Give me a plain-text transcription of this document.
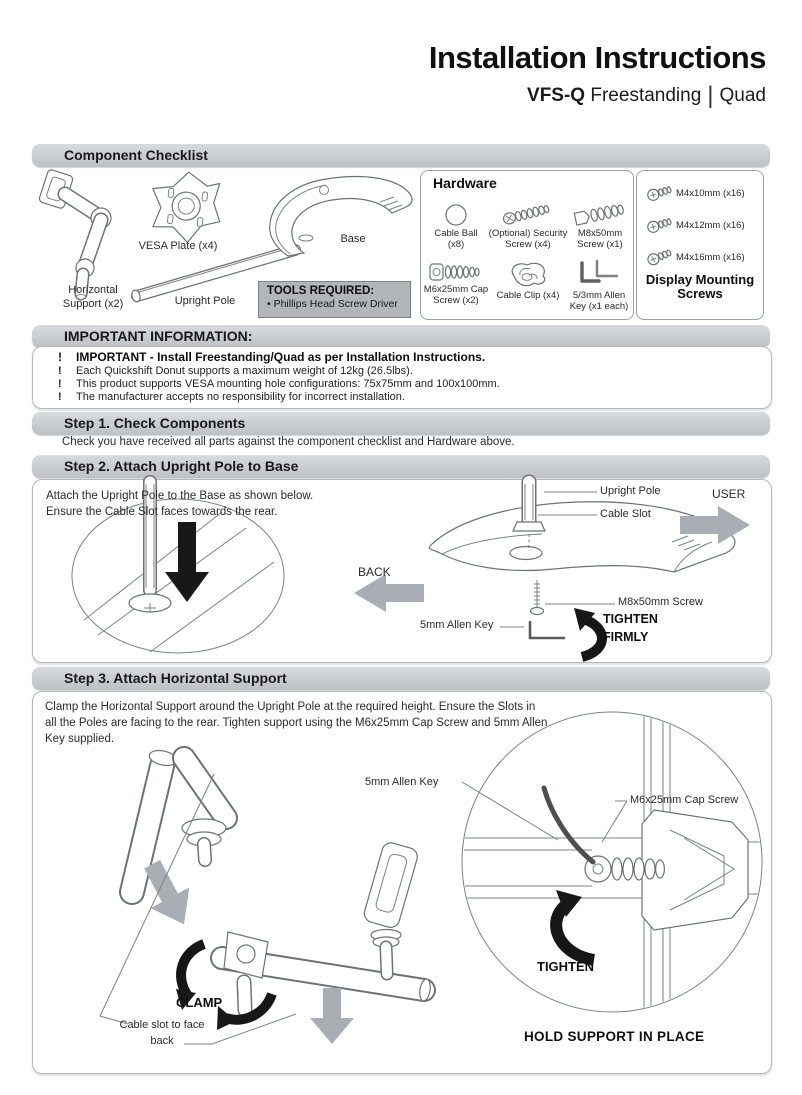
Installation Instructions
VFS-Q Freestanding | Quad
Component Checklist
VESA Plate (x4)
Base
Horizontal Support (x2)	Upright Pole
TOOLS REQUIRED:
• Phillips Head Screw Driver
Hardware
Cable Ball (x8)
(Optional) Security Screw (x4)
M8x50mm Screw (x1)
M6x25mm Cap Screw (x2)	Cable Clip (x4)	5/3mm Allen Key (x1 each)
M4x10mm (x16)
M4x12mm (x16)
M4x16mm (x16)
Display Mounting Screws
IMPORTANT INFORMATION:
! IMPORTANT - Install Freestanding/Quad as per Installation Instructions.
! Each Quickshift Donut supports a maximum weight of 12kg (26.5lbs).
! This product supports VESA mounting hole configurations: 75x75mm and 100x100mm.
! The manufacturer accepts no responsibility for incorrect installation.
Step 1. Check Components
Check you have received all parts against the component checklist and Hardware above.
Step 2. Attach Upright Pole to Base
Attach the Upright Pole to the Base as shown below. Ensure the Cable Slot faces towards the rear.
Upright Pole
Cable Slot
USER
BACK
M8x50mm Screw
5mm Allen Key	TIGHTEN
FIRMLY
Step 3. Attach Horizontal Support
Clamp the Horizontal Support around the Upright Pole at the required height. Ensure the Slots in all the Poles are facing to the rear. Tighten support using the M6x25mm Cap Screw and 5mm Allen Key supplied.
5mm Allen Key
M6x25mm Cap Screw
TIGHTEN
CLAMP
Cable slot to face back	HOLD SUPPORT IN PLACE
